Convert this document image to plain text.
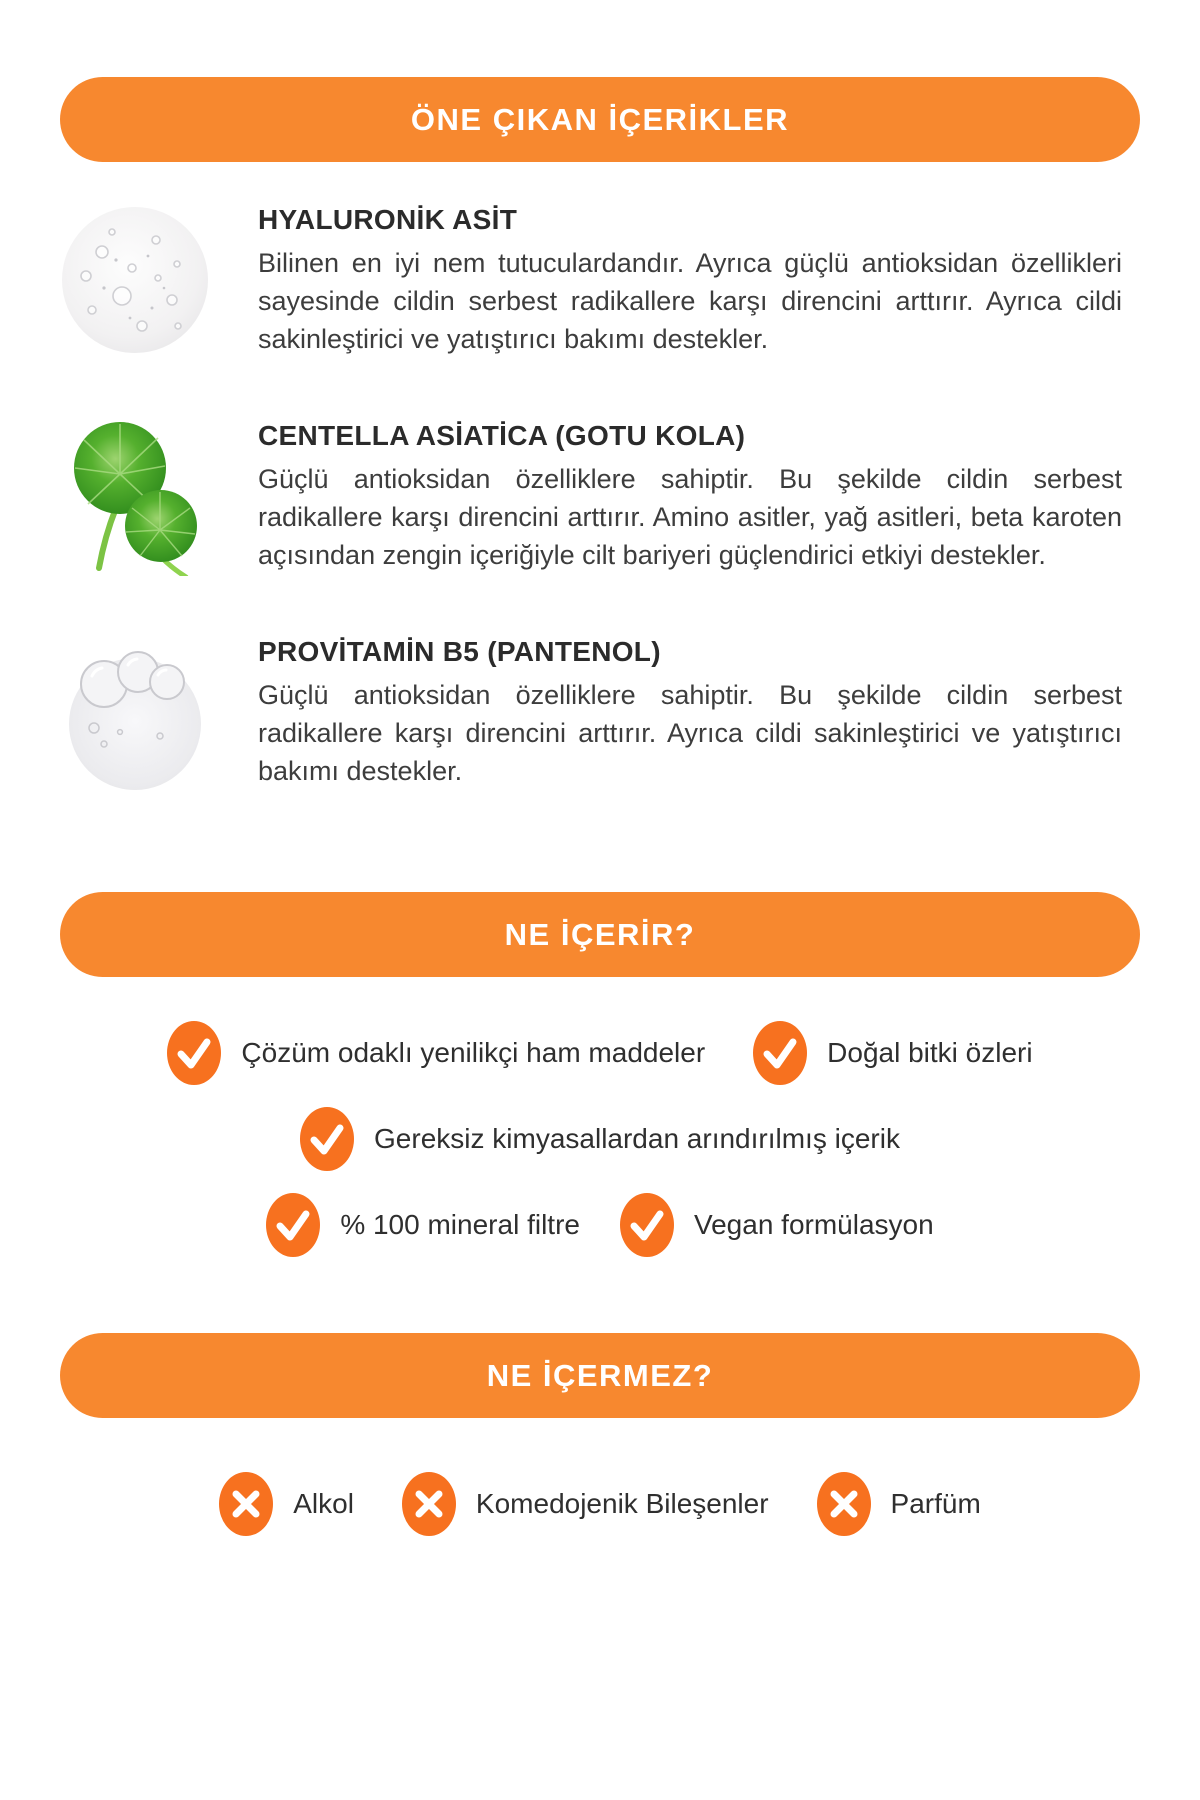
ÖNE ÇIKAN İÇERİKLER
HYALURONİK ASİT

Bilinen en iyi nem tutuculardandır. Ayrıca güçlü antioksidan özellikleri sayesinde cildin serbest radikallere karşı direncini arttırır. Ayrıca cildi sakinleştirici ve yatıştırıcı bakımı destekler.

CENTELLA ASİATİCA (GOTU KOLA)

Güçlü antioksidan özelliklere sahiptir. Bu şekilde cildin serbest radikallere karşı direncini arttırır. Amino asitler, yağ asitleri, beta karoten açısından zengin içeriğiyle cilt bariyeri güçlendirici etkiyi destekler.

PROVİTAMİN B5 (PANTENOL)

Güçlü antioksidan özelliklere sahiptir. Bu şekilde cildin serbest radikallere karşı direncini arttırır. Ayrıca cildi sakinleştirici ve yatıştırıcı bakımı destekler.

NE İÇERİR?
Çözüm odaklı yenilikçi ham maddeler	Doğal bitki özleri
Gereksiz kimyasallardan arındırılmış içerik
% 100 mineral filtre	Vegan formülasyon
NE İÇERMEZ?
Alkol	Komedojenik Bileşenler	Parfüm
